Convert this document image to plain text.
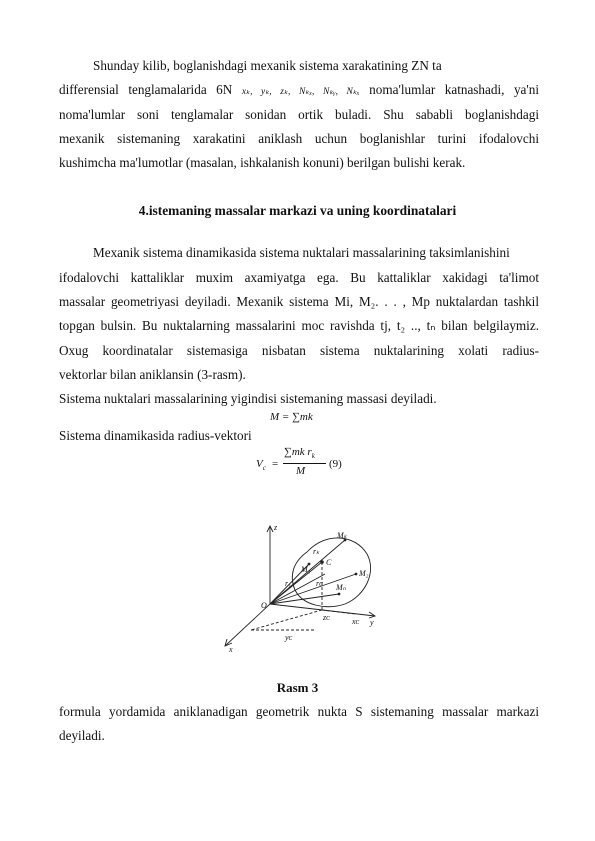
Shunday kilib, boglanishdagi mexanik sistema xarakatining ZN ta
differensial tenglamalarida 6N xₖ, yₖ, zₖ, Nₖₓ, Nₖᵧ, Nₖₓ noma'lumlar katnashadi, ya'ni
noma'lumlar soni tenglamalar sonidan ortik buladi. Shu sababli boglanishdagi
mexanik sistemaning xarakatini aniklash uchun boglanishlar turini ifodalovchi
kushimcha ma'lumotlar (masalan, ishkalanish konuni) berilgan bulishi kerak.
4.istemaning massalar markazi va uning koordinatalari
Mexanik sistema dinamikasida sistema nuktalari massalarining taksimlanishini
ifodalovchi kattaliklar muxim axamiyatga ega. Bu kattaliklar xakidagi ta'limot
massalar geometriyasi deyiladi. Mexanik sistema Mi, M₂. . . , Mp nuktalardan tashkil
topgan bulsin. Bu nuktalarning massalarini moc ravishda tj, t₂ .., tₙ bilan belgilaymiz.
Oxug koordinatalar sistemasiga nisbatan sistema nuktalarining xolati radius-
vektorlar bilan aniklansin (3-rasm).
Sistema nuktalari massalarining yigindisi sistemaning massasi deyiladi.
M = ∑mk
Sistema dinamikasida radius-vektori
$V_c$ =
∑mk $r_k$
M
(9)
z
y
x
O
Mₖ
M₁	M₂
Mₙ
C
rₖ
r₁	rᴄ
zᴄ	xᴄ
yᴄ
Rasm 3
formula yordamida aniklanadigan geometrik nukta S sistemaning massalar markazi
deyiladi.
